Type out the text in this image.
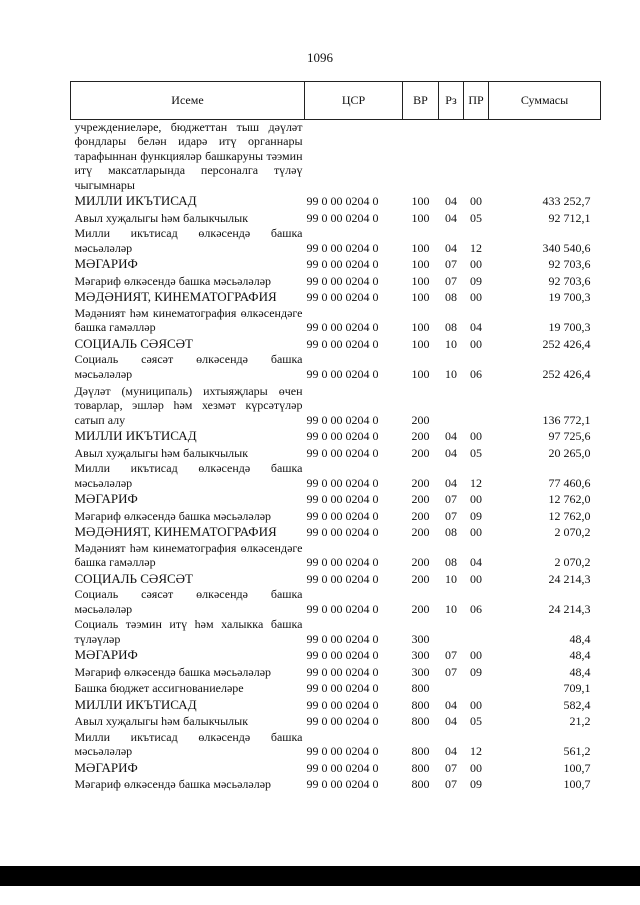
1096
Исеме	ЦСР	ВР	Рз	ПР	Суммасы
учреждениеләре, бюджеттан тыш дәүләт фондлары белән идарә итү органнары тарафыннан функцияләр башкаруны тәэмин итү максатларында персоналга түләү чыгымнары					
МИЛЛИ ИКЪТИСАД	99 0 00 0204 0	100	04	00	433 252,7
Авыл хуҗалыгы һәм балыкчылык	99 0 00 0204 0	100	04	05	92 712,1
Милли икътисад өлкәсендә башка мәсьәләләр	99 0 00 0204 0	100	04	12	340 540,6
МӘГАРИФ	99 0 00 0204 0	100	07	00	92 703,6
Мәгариф өлкәсендә башка мәсьәләләр	99 0 00 0204 0	100	07	09	92 703,6
МӘДӘНИЯТ, КИНЕМАТОГРАФИЯ	99 0 00 0204 0	100	08	00	19 700,3
Мәдәният һәм кинематография өлкәсендәге башка гамәлләр	99 0 00 0204 0	100	08	04	19 700,3
СОЦИАЛЬ СӘЯСӘТ	99 0 00 0204 0	100	10	00	252 426,4
Социаль сәясәт өлкәсендә башка мәсьәләләр	99 0 00 0204 0	100	10	06	252 426,4
Дәүләт (муниципаль) ихтыяҗлары өчен товарлар, эшләр һәм хезмәт күрсәтүләр сатып алу	99 0 00 0204 0	200			136 772,1
МИЛЛИ ИКЪТИСАД	99 0 00 0204 0	200	04	00	97 725,6
Авыл хуҗалыгы һәм балыкчылык	99 0 00 0204 0	200	04	05	20 265,0
Милли икътисад өлкәсендә башка мәсьәләләр	99 0 00 0204 0	200	04	12	77 460,6
МӘГАРИФ	99 0 00 0204 0	200	07	00	12 762,0
Мәгариф өлкәсендә башка мәсьәләләр	99 0 00 0204 0	200	07	09	12 762,0
МӘДӘНИЯТ, КИНЕМАТОГРАФИЯ	99 0 00 0204 0	200	08	00	2 070,2
Мәдәният һәм кинематография өлкәсендәге башка гамәлләр	99 0 00 0204 0	200	08	04	2 070,2
СОЦИАЛЬ СӘЯСӘТ	99 0 00 0204 0	200	10	00	24 214,3
Социаль сәясәт өлкәсендә башка мәсьәләләр	99 0 00 0204 0	200	10	06	24 214,3
Социаль тәэмин итү һәм халыкка башка түләүләр	99 0 00 0204 0	300			48,4
МӘГАРИФ	99 0 00 0204 0	300	07	00	48,4
Мәгариф өлкәсендә башка мәсьәләләр	99 0 00 0204 0	300	07	09	48,4
Башка бюджет ассигнованиеләре	99 0 00 0204 0	800			709,1
МИЛЛИ ИКЪТИСАД	99 0 00 0204 0	800	04	00	582,4
Авыл хуҗалыгы һәм балыкчылык	99 0 00 0204 0	800	04	05	21,2
Милли икътисад өлкәсендә башка мәсьәләләр	99 0 00 0204 0	800	04	12	561,2
МӘГАРИФ	99 0 00 0204 0	800	07	00	100,7
Мәгариф өлкәсендә башка мәсьәләләр	99 0 00 0204 0	800	07	09	100,7
